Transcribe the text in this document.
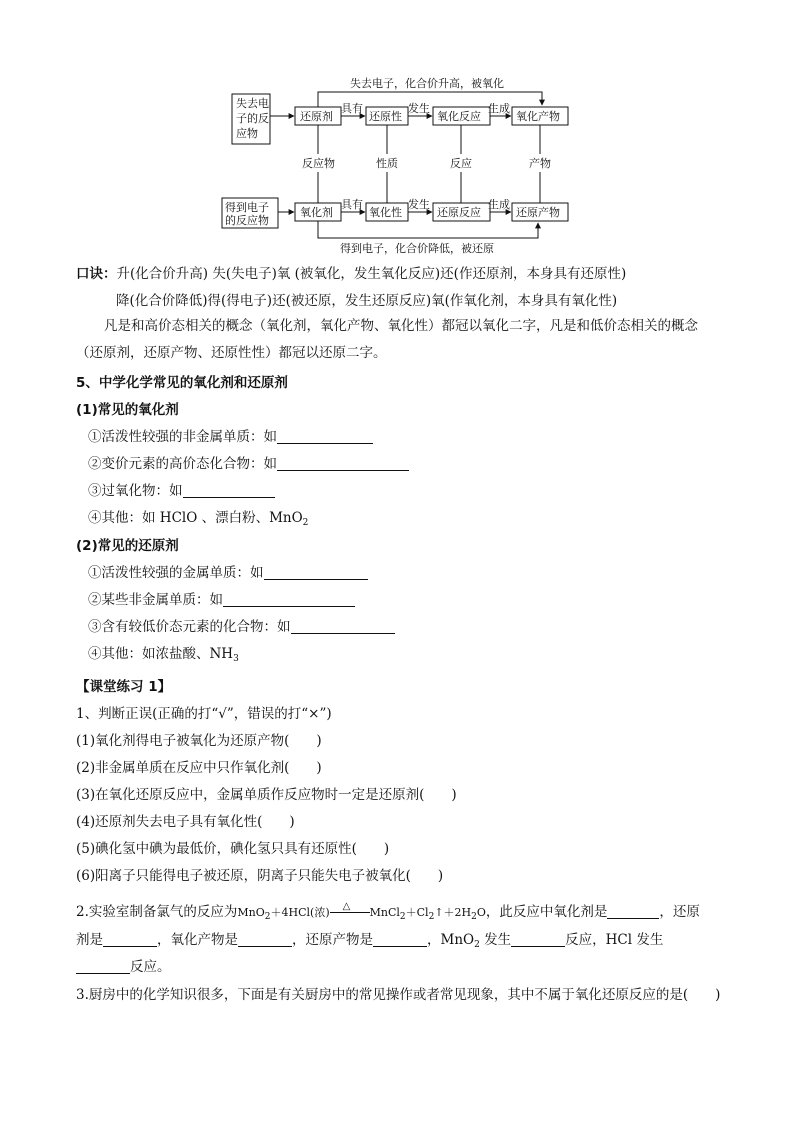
失去电
子的反
应物
还原剂	还原性	氧化反应	氧化产物
具有	发生	生成
失去电子，化合价升高，被氧化
反应物	性质	反应	产物
得到电子
的反应物
氧化剂	氧化性	还原反应	还原产物
具有	发生	生成
得到电子，化合价降低，被还原
口诀：升(化合价升高) 失(失电子)氧 (被氧化，发生氧化反应)还(作还原剂，本身具有还原性)
降(化合价降低)得(得电子)还(被还原，发生还原反应)氧(作氧化剂，本身具有氧化性)
凡是和高价态相关的概念（氧化剂，氧化产物、氧化性）都冠以氧化二字，凡是和低价态相关的概念（还原剂，还原产物、还原性性）都冠以还原二字。
5、中学化学常见的氧化剂和还原剂
(1)常见的氧化剂
①活泼性较强的非金属单质：如
②变价元素的高价态化合物：如
③过氧化物：如
④其他：如 HClO 、漂白粉、MnO$_2$
(2)常见的还原剂
①活泼性较强的金属单质：如
②某些非金属单质：如
③含有较低价态元素的化合物：如
④其他：如浓盐酸、$NH_3$
【课堂练习 1】
1、判断正误(正确的打“√”，错误的打“×”)
(1)氧化剂得电子被氧化为还原产物(　　)
(2)非金属单质在反应中只作氧化剂(　　)
(3)在氧化还原反应中，金属单质作反应物时一定是还原剂(　　)
(4)还原剂失去电子具有氧化性(　　)
(5)碘化氢中碘为最低价，碘化氢只具有还原性(　　)
(6)阳离子只能得电子被还原，阴离子只能失电子被氧化(　　)
2.实验室制备氯气的反应为MnO$_2$＋4HCl(浓) △ $MnCl_2+Cl_2↑+2H_2O$，此反应中氧化剂是	，还原
剂是	，氧化产物是	，还原产物是	，MnO$_2$ 发生	反应，HCl 发生
反应。
3.厨房中的化学知识很多，下面是有关厨房中的常见操作或者常见现象，其中不属于氧化还原反应的是(　　)
